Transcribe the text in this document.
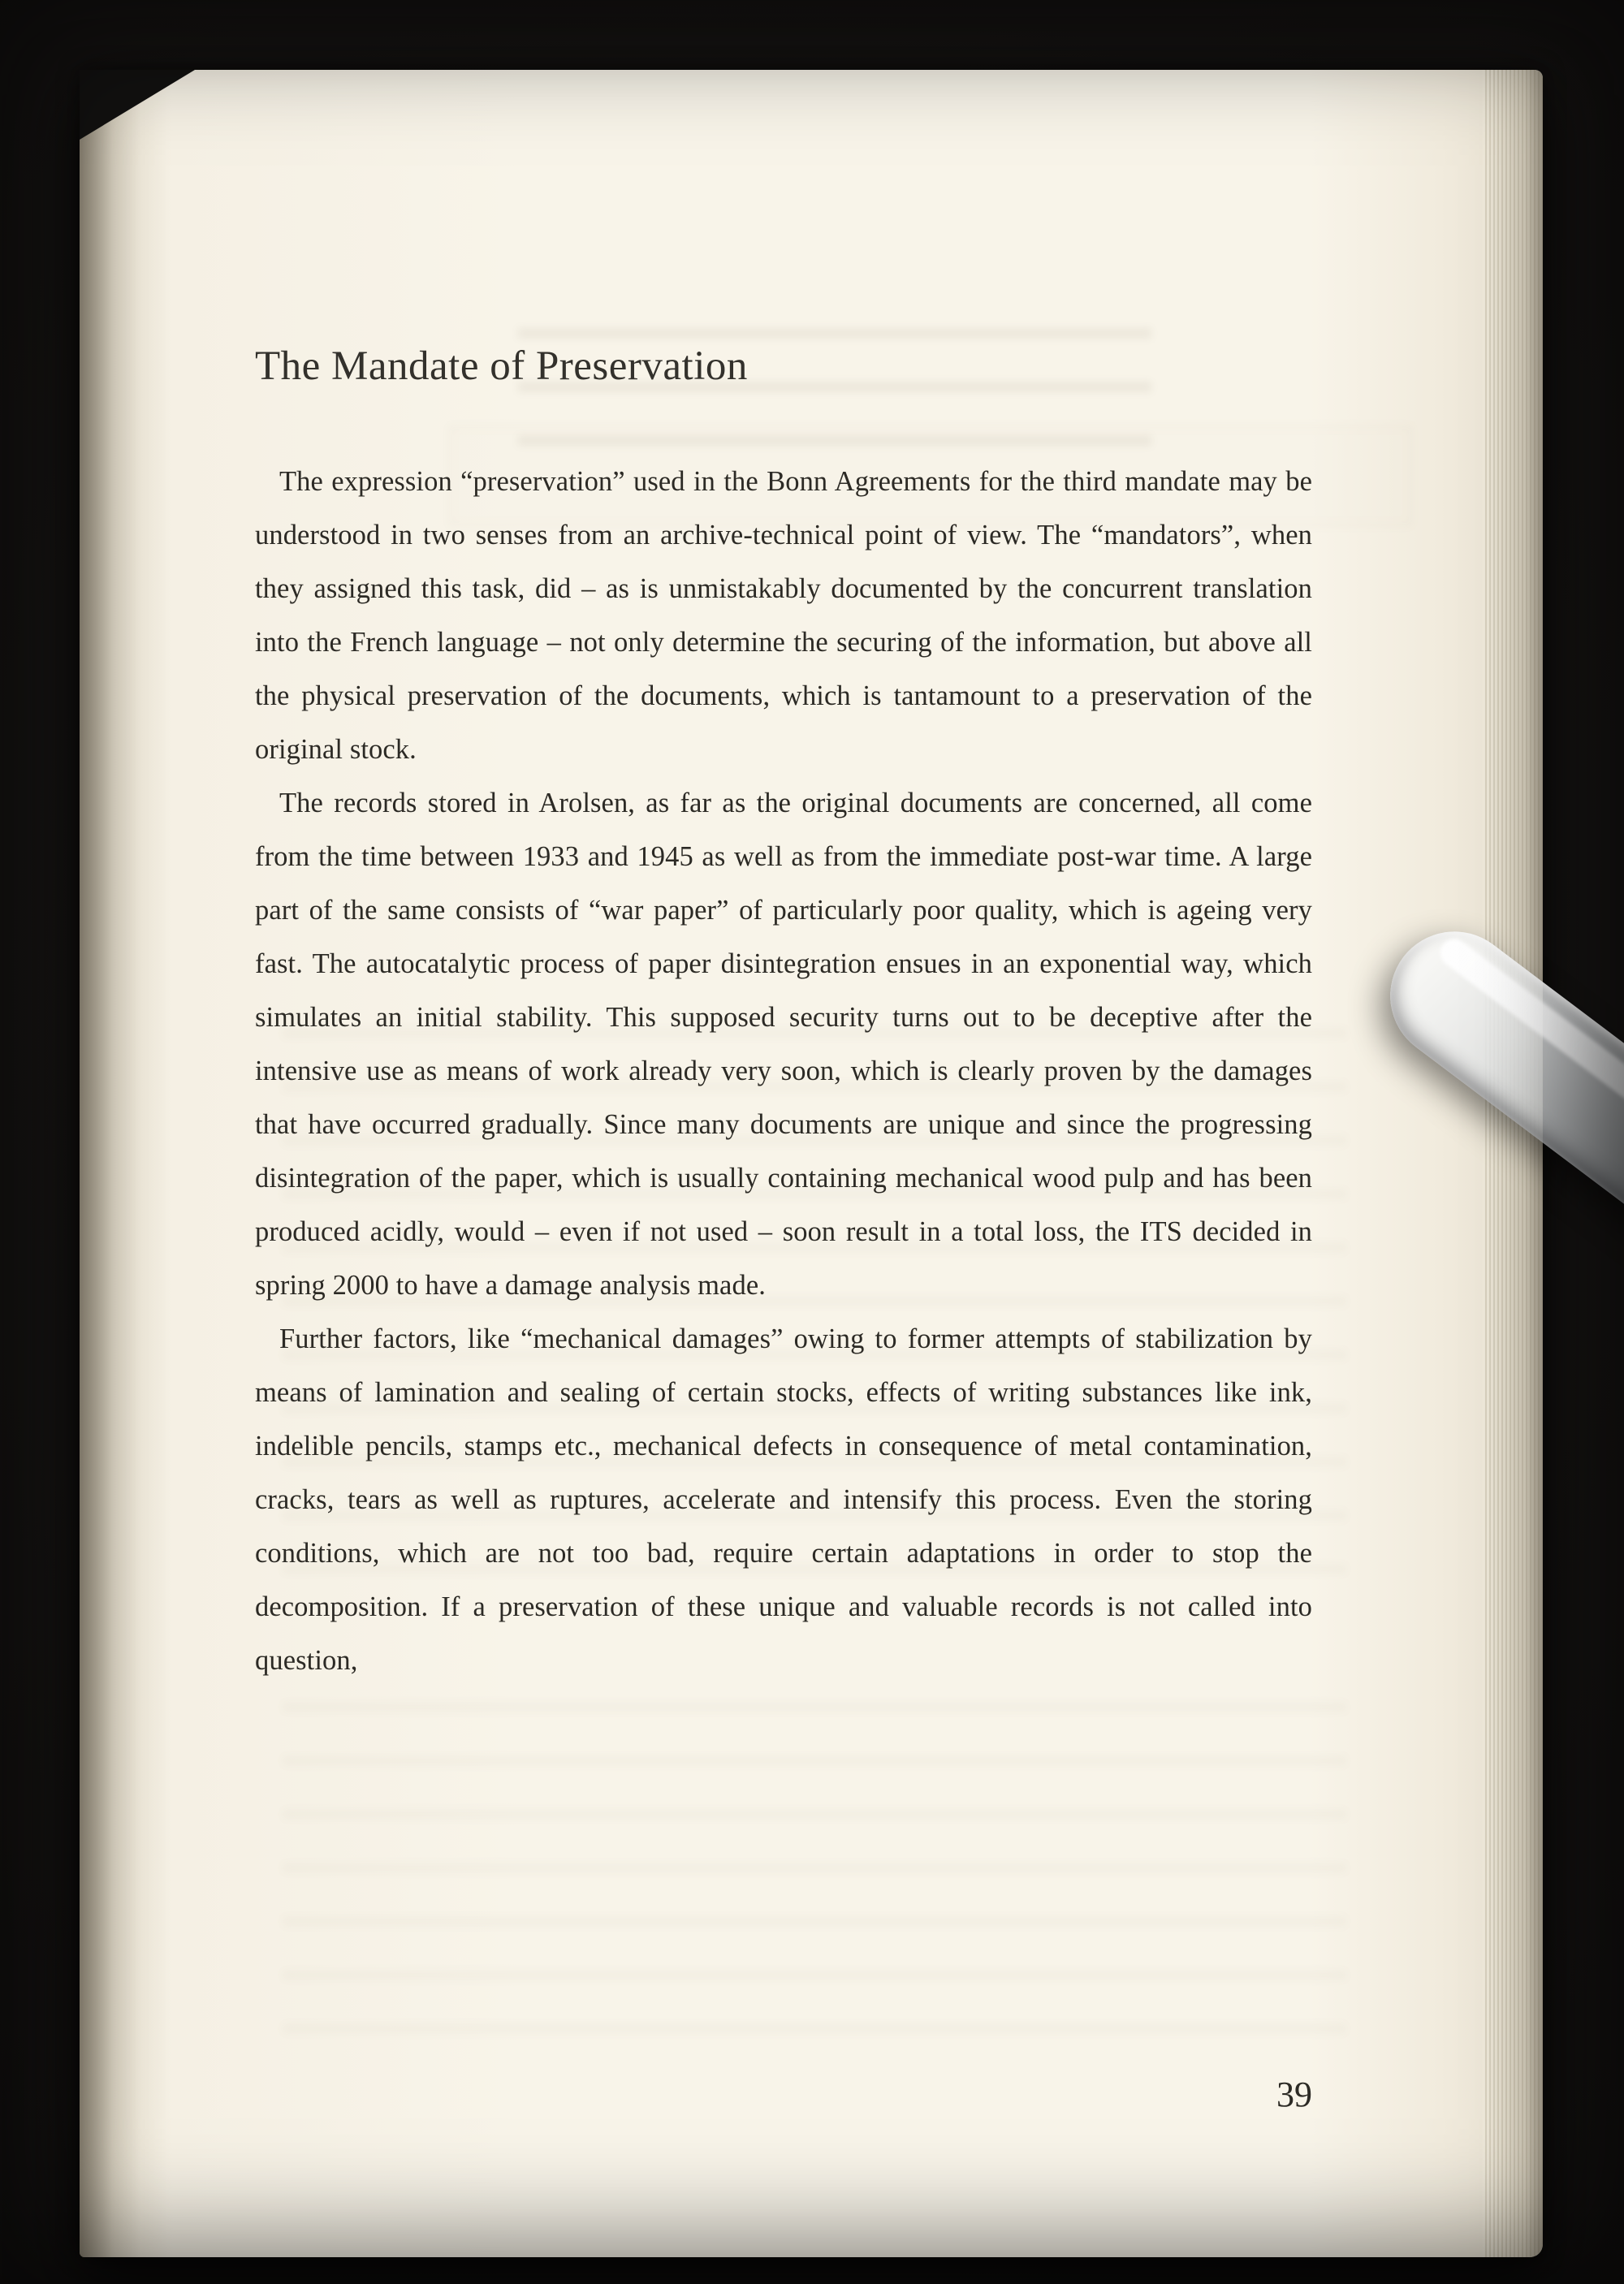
The Mandate of Preservation

The expression “preservation” used in the Bonn Agreements for the third mandate may be understood in two senses from an archive-technical point of view. The “mandators”, when they assigned this task, did – as is unmistakably documented by the concurrent translation into the French language – not only determine the securing of the information, but above all the physical preservation of the documents, which is tantamount to a preservation of the original stock.

The records stored in Arolsen, as far as the original documents are concerned, all come from the time between 1933 and 1945 as well as from the immediate post-war time. A large part of the same consists of “war paper” of particularly poor quality, which is ageing very fast. The autocatalytic process of paper disintegration ensues in an exponential way, which simulates an initial stability. This supposed security turns out to be deceptive after the intensive use as means of work already very soon, which is clearly proven by the damages that have occurred gradually. Since many documents are unique and since the progressing disintegration of the paper, which is usually containing mechanical wood pulp and has been produced acidly, would – even if not used – soon result in a total loss, the ITS decided in spring 2000 to have a damage analysis made.

Further factors, like “mechanical damages” owing to former attempts of stabilization by means of lamination and sealing of certain stocks, effects of writing substances like ink, indelible pencils, stamps etc., mechanical defects in consequence of metal contamination, cracks, tears as well as ruptures, accelerate and intensify this process. Even the storing conditions, which are not too bad, require certain adaptations in order to stop the decomposition. If a preservation of these unique and valuable records is not called into question,

39
